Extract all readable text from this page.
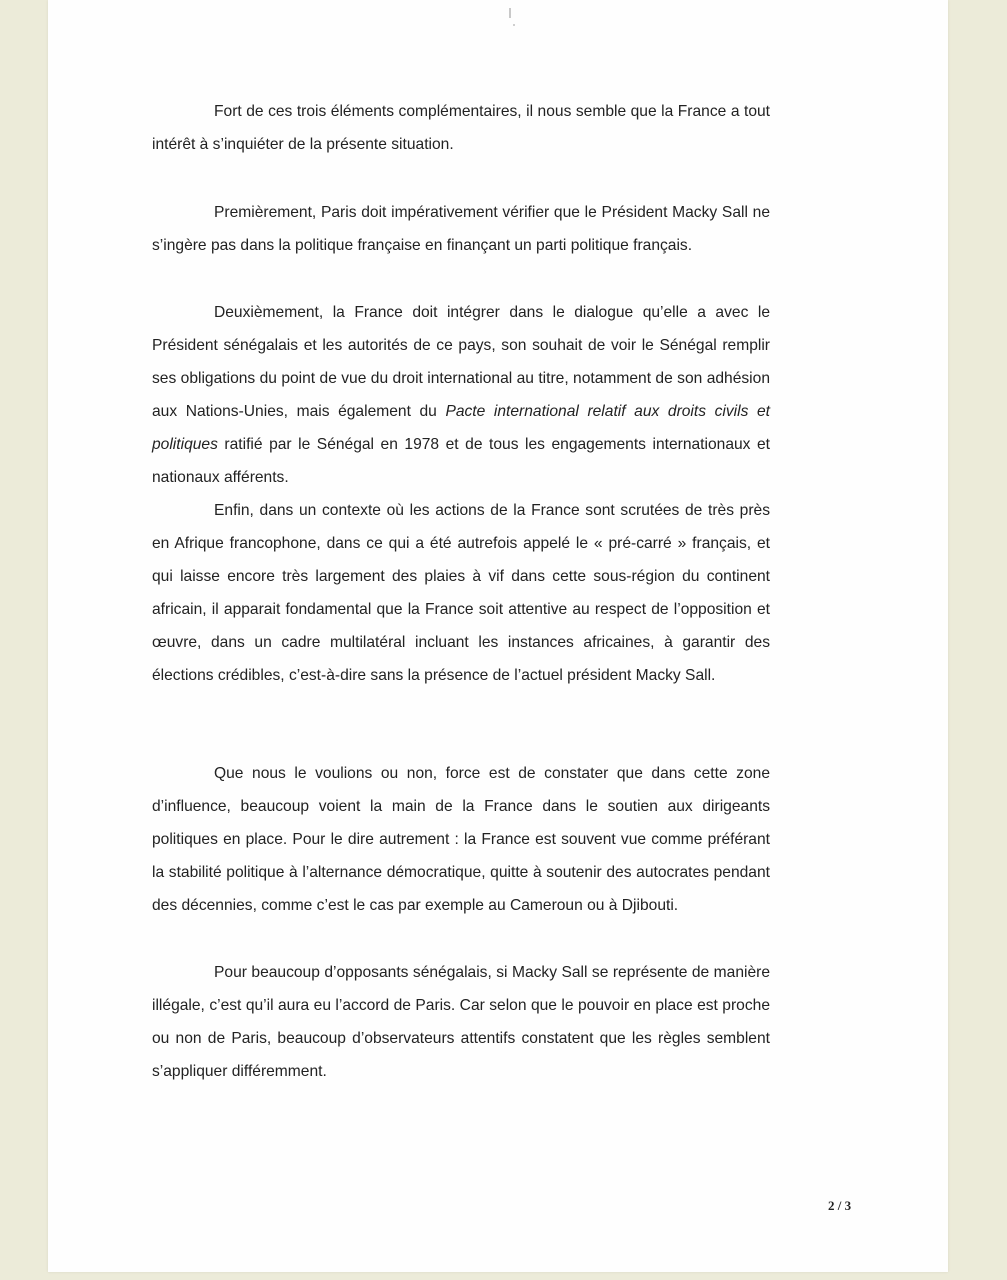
Fort de ces trois éléments complémentaires, il nous semble que la France a tout intérêt à s’inquiéter de la présente situation.

Premièrement, Paris doit impérativement vérifier que le Président Macky Sall ne s’ingère pas dans la politique française en finançant un parti politique français.

Deuxièmement, la France doit intégrer dans le dialogue qu’elle a avec le Président sénégalais et les autorités de ce pays, son souhait de voir le Sénégal remplir ses obligations du point de vue du droit international au titre, notamment de son adhésion aux Nations-Unies, mais également du Pacte international relatif aux droits civils et politiques ratifié par le Sénégal en 1978 et de tous les engagements internationaux et nationaux afférents.

Enfin, dans un contexte où les actions de la France sont scrutées de très près en Afrique francophone, dans ce qui a été autrefois appelé le « pré-carré » français, et qui laisse encore très largement des plaies à vif dans cette sous-région du continent africain, il apparait fondamental que la France soit attentive au respect de l’opposition et œuvre, dans un cadre multilatéral incluant les instances africaines, à garantir des élections crédibles, c’est-à-dire sans la présence de l’actuel président Macky Sall.

Que nous le voulions ou non, force est de constater que dans cette zone d’influence, beaucoup voient la main de la France dans le soutien aux dirigeants politiques en place. Pour le dire autrement : la France est souvent vue comme préférant la stabilité politique à l’alternance démocratique, quitte à soutenir des autocrates pendant des décennies, comme c’est le cas par exemple au Cameroun ou à Djibouti.

Pour beaucoup d’opposants sénégalais, si Macky Sall se représente de manière illégale, c’est qu’il aura eu l’accord de Paris. Car selon que le pouvoir en place est proche ou non de Paris, beaucoup d’observateurs attentifs constatent que les règles semblent s’appliquer différemment.

2 / 3
